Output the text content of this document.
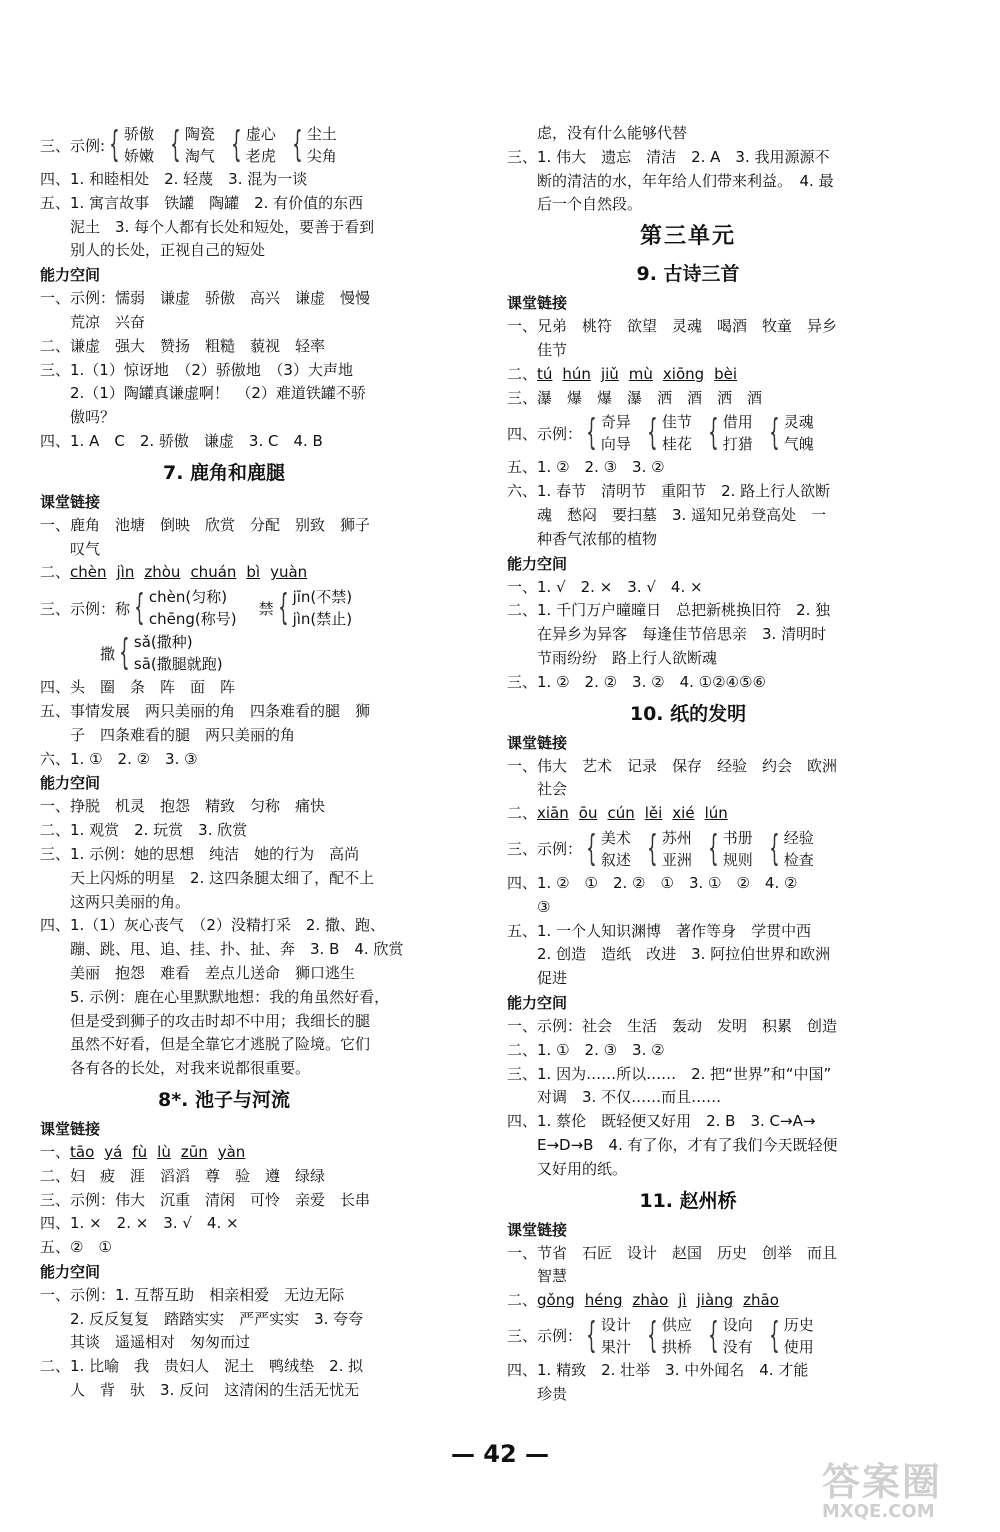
三、示例: { 骄傲
娇嫩 { 陶瓷
淘气 { 虚心
老虎 { 尘土
尖角
四、1. 和睦相处　2. 轻蔑　3. 混为一谈
五、1. 寓言故事　铁罐　陶罐　2. 有价值的东西
泥土　3. 每个人都有长处和短处，要善于看到
别人的长处，正视自己的短处
能力空间
一、示例：懦弱　谦虚　骄傲　高兴　谦虚　慢慢
荒凉　兴奋
二、谦虚　强大　赞扬　粗糙　藐视　轻率
三、1.（1）惊讶地　（2）骄傲地　（3）大声地
2.（1）陶罐真谦虚啊！　（2）难道铁罐不骄
傲吗？
四、1. A　C　2. 骄傲　谦虚　3. C　4. B
7. 鹿角和鹿腿
课堂链接
一、鹿角　池塘　倒映　欣赏　分配　别致　狮子
叹气
二、chèn jìn zhòu chuán bì yuàn
三、示例：称 { chèn(匀称)
chēng(称号)
禁 { jīn(不禁)
jìn(禁止)
撒 { sǎ(撒种)
sā(撒腿就跑)
四、头　圈　条　阵　面　阵
五、事情发展　两只美丽的角　四条难看的腿　狮
子　四条难看的腿　两只美丽的角
六、1. ①　2. ②　3. ③
能力空间
一、挣脱　机灵　抱怨　精致　匀称　痛快
二、1. 观赏　2. 玩赏　3. 欣赏
三、1. 示例：她的思想　纯洁　她的行为　高尚
天上闪烁的明星　2. 这四条腿太细了，配不上
这两只美丽的角。
四、1.（1）灰心丧气　（2）没精打采　2. 撒、跑、
蹦、跳、甩、追、挂、扑、扯、奔　3. B　4. 欣赏
美丽　抱怨　难看　差点儿送命　狮口逃生
5. 示例：鹿在心里默默地想：我的角虽然好看，
但是受到狮子的攻击时却不中用；我细长的腿
虽然不好看，但是全靠它才逃脱了险境。它们
各有各的长处，对我来说都很重要。
8*. 池子与河流
课堂链接
一、tāo yá fù lù zūn yàn
二、妇　疲　涯　滔滔　尊　验　遵　绿绿
三、示例：伟大　沉重　清闲　可怜　亲爱　长串
四、1. ×　2. ×　3. √　4. ×
五、②　①
能力空间
一、示例：1. 互帮互助　相亲相爱　无边无际
2. 反反复复　踏踏实实　严严实实　3. 夸夸
其谈　遥遥相对　匆匆而过
二、1. 比喻　我　贵妇人　泥土　鸭绒垫　2. 拟
人　背　驮　3. 反问　这清闲的生活无忧无
虑，没有什么能够代替
三、1. 伟大　遗忘　清洁　2. A　3. 我用源源不
断的清洁的水，年年给人们带来利益。　4. 最
后一个自然段。
第三单元
9. 古诗三首
课堂链接
一、兄弟　桃符　欲望　灵魂　喝酒　牧童　异乡
佳节
二、tú hún jiǔ mù xiōng bèi
三、瀑　爆　爆　瀑　洒　酒　洒　酒
四、示例： { 奇异
向导 { 佳节
桂花 { 借用
打猎 { 灵魂
气魄
五、1. ②　2. ③　3. ②
六、1. 春节　清明节　重阳节　2. 路上行人欲断
魂　愁闷　要扫墓　3. 遥知兄弟登高处　一
种香气浓郁的植物
能力空间
一、1. √　2. ×　3. √　4. ×
二、1. 千门万户曈曈日　总把新桃换旧符　2. 独
在异乡为异客　每逢佳节倍思亲　3. 清明时
节雨纷纷　路上行人欲断魂
三、1. ②　2. ②　3. ②　4. ①②④⑤⑥
10. 纸的发明
课堂链接
一、伟大　艺术　记录　保存　经验　约会　欧洲
社会
二、xiān ōu cún lěi xié lún
三、示例： { 美术
叙述 { 苏州
亚洲 { 书册
规则 { 经验
检查
四、1. ②　①　2. ②　①　3. ①　②　4. ②
③
五、1. 一个人知识渊博　著作等身　学贯中西
2. 创造　造纸　改进　3. 阿拉伯世界和欧洲
促进
能力空间
一、示例：社会　生活　轰动　发明　积累　创造
二、1. ①　2. ③　3. ②
三、1. 因为……所以……　2. 把“世界”和“中国”
对调　3. 不仅……而且……
四、1. 蔡伦　既轻便又好用　2. B　3. C→A→
E→D→B　4. 有了你，才有了我们今天既轻便
又好用的纸。
11. 赵州桥
课堂链接
一、节省　石匠　设计　赵国　历史　创举　而且
智慧
二、gǒng héng zhào jì jiàng zhāo
三、示例： { 设计
果汁 { 供应
拱桥 { 设向
没有 { 历史
使用
四、1. 精致　2. 壮举　3. 中外闻名　4. 才能
珍贵
— 42 —
答案圈
MXQE.COM
